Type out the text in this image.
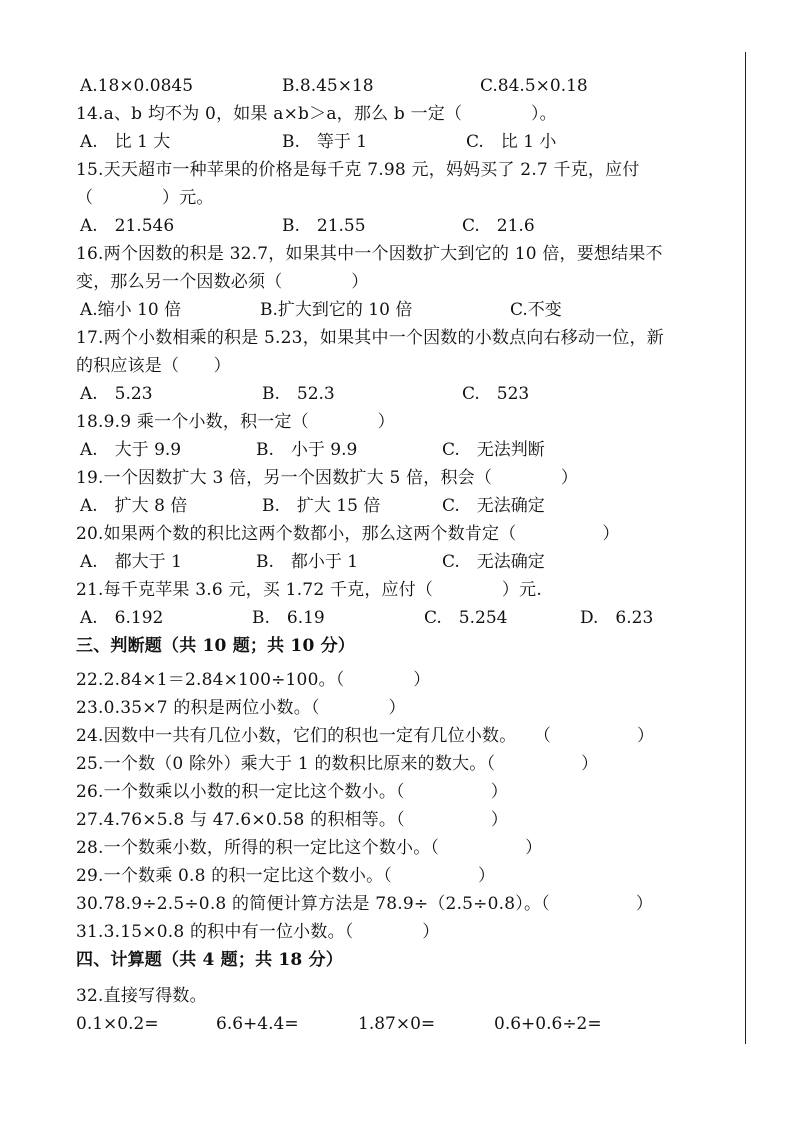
A.18×0.0845	B.8.45×18	C.84.5×0.18
14.a、b 均不为 0，如果 a×b＞a，那么 b 一定（　　　　）。
A.　比 1 大	B.　等于 1	C.　比 1 小
15.天天超市一种苹果的价格是每千克 7.98 元，妈妈买了 2.7 千克，应付
（　　　　）元。
A.　21.546	B.　21.55	C.　21.6
16.两个因数的积是 32.7，如果其中一个因数扩大到它的 10 倍，要想结果不
变，那么另一个因数必须（　　　　）
A.缩小 10 倍	B.扩大到它的 10 倍	C.不变
17.两个小数相乘的积是 5.23，如果其中一个因数的小数点向右移动一位，新
的积应该是（　　）
A.　5.23	B.　52.3	C.　523
18.9.9 乘一个小数，积一定（　　　　）
A.　大于 9.9	B.　小于 9.9	C.　无法判断
19.一个因数扩大 3 倍，另一个因数扩大 5 倍，积会（　　　　）
A.　扩大 8 倍	B.　扩大 15 倍	C.　无法确定
20.如果两个数的积比这两个数都小，那么这两个数肯定（　　　　　）
A.　都大于 1	B.　都小于 1	C.　无法确定
21.每千克苹果 3.6 元，买 1.72 千克，应付（　　　　）元.
A.　6.192	B.　6.19	C.　5.254	D.　6.23
三、判断题（共 10 题；共 10 分）
22.2.84×1＝2.84×100÷100。（　　　　）
23.0.35×7 的积是两位小数。（　　　　）
24.因数中一共有几位小数，它们的积也一定有几位小数。　　（　　　　　）
25.一个数（0 除外）乘大于 1 的数积比原来的数大。（　　　　　）
26.一个数乘以小数的积一定比这个数小。（　　　　　）
27.4.76×5.8 与 47.6×0.58 的积相等。（　　　　　）
28.一个数乘小数，所得的积一定比这个数小。（　　　　　）
29.一个数乘 0.8 的积一定比这个数小。（　　　　　）
30.78.9÷2.5÷0.8 的简便计算方法是 78.9÷（2.5÷0.8）。（　　　　　）
31.3.15×0.8 的积中有一位小数。（　　　　）
四、计算题（共 4 题；共 18 分）
32.直接写得数。
0.1×0.2=	6.6+4.4=	1.87×0=	0.6+0.6÷2=
